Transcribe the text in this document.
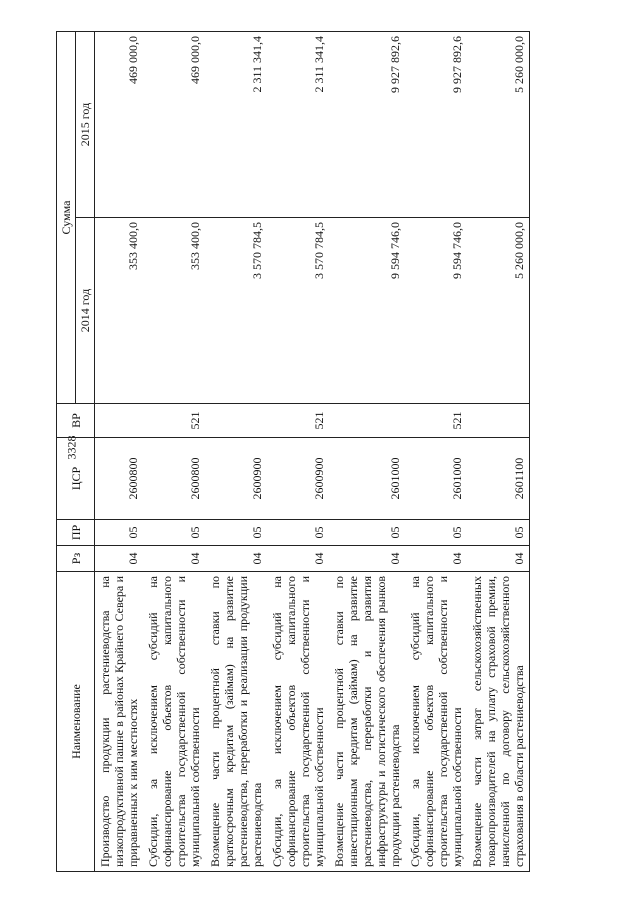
3328
Наименование	Рз	ПР	ЦСР	ВР	Сумма	
					2014 год	2015 год
Производство продукции растениеводства на низкопродуктивной пашне в районах Крайнего Севера и приравненных к ним местностях	04	05	2600800		353 400,0	469 000,0
Субсидии, за исключением субсидий на софинансирование объектов капитального строительства государственной собственности и муниципальной собственности	04	05	2600800	521	353 400,0	469 000,0
Возмещение части процентной ставки по краткосрочным кредитам (займам) на развитие растениеводства, переработки и реализации продукции растениеводства	04	05	2600900		3 570 784,5	2 311 341,4
Субсидии, за исключением субсидий на софинансирование объектов капитального строительства государственной собственности и муниципальной собственности	04	05	2600900	521	3 570 784,5	2 311 341,4
Возмещение части процентной ставки по инвестиционным кредитам (займам) на развитие растениеводства, переработки и развития инфраструктуры и логистического обеспечения рынков продукции растениеводства	04	05	2601000		9 594 746,0	9 927 892,6
Субсидии, за исключением субсидий на софинансирование объектов капитального строительства государственной собственности и муниципальной собственности	04	05	2601000	521	9 594 746,0	9 927 892,6
Возмещение части затрат сельскохозяйственных товаропроизводителей на уплату страховой премии, начисленной по договору сельскохозяйственного страхования в области растениеводства	04	05	2601100		5 260 000,0	5 260 000,0
